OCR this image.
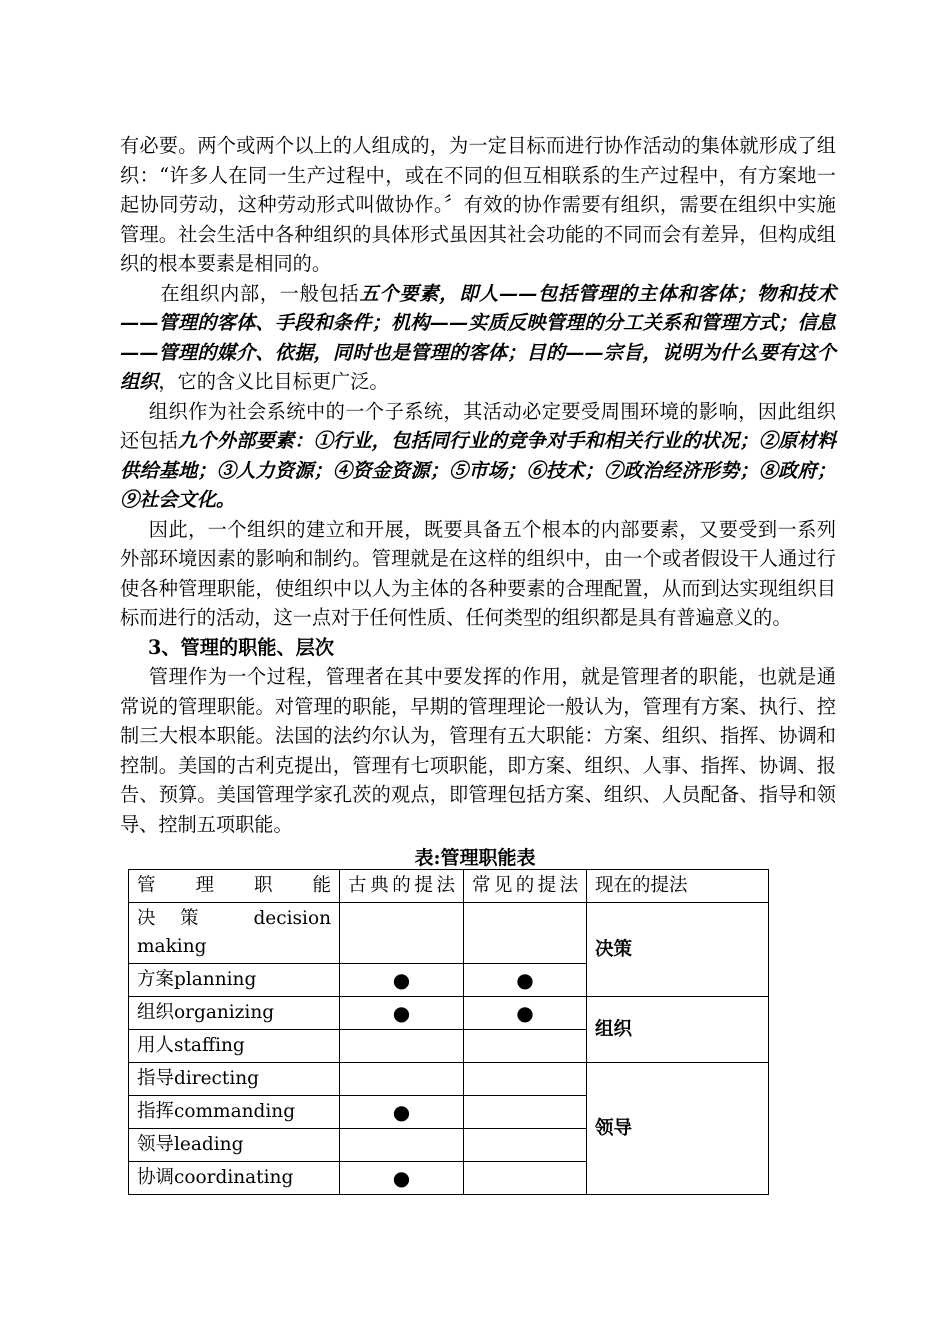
有必要。两个或两个以上的人组成的，为一定目标而进行协作活动的集体就形成了组织：“许多人在同一生产过程中，或在不同的但互相联系的生产过程中，有方案地一起协同劳动，这种劳动形式叫做协作。〞有效的协作需要有组织，需要在组织中实施管理。社会生活中各种组织的具体形式虽因其社会功能的不同而会有差异，但构成组织的根本要素是相同的。

在组织内部，一般包括五个要素，即人——包括管理的主体和客体；物和技术——管理的客体、手段和条件；机构——实质反映管理的分工关系和管理方式；信息——管理的媒介、依据，同时也是管理的客体；目的——宗旨，说明为什么要有这个组织，它的含义比目标更广泛。

组织作为社会系统中的一个子系统，其活动必定要受周围环境的影响，因此组织还包括九个外部要素：①行业，包括同行业的竞争对手和相关行业的状况；②原材料供给基地；③人力资源；④资金资源；⑤市场；⑥技术；⑦政治经济形势；⑧政府；⑨社会文化。

因此，一个组织的建立和开展，既要具备五个根本的内部要素，又要受到一系列外部环境因素的影响和制约。管理就是在这样的组织中，由一个或者假设干人通过行使各种管理职能，使组织中以人为主体的各种要素的合理配置，从而到达实现组织目标而进行的活动，这一点对于任何性质、任何类型的组织都是具有普遍意义的。

3、管理的职能、层次

管理作为一个过程，管理者在其中要发挥的作用，就是管理者的职能，也就是通常说的管理职能。对管理的职能，早期的管理理论一般认为，管理有方案、执行、控制三大根本职能。法国的法约尔认为，管理有五大职能：方案、组织、指挥、协调和控制。美国的古利克提出，管理有七项职能，即方案、组织、人事、指挥、协调、报告、预算。美国管理学家孔茨的观点，即管理包括方案、组织、人员配备、指导和领导、控制五项职能。

表:管理职能表
管理职能	古典的提法	常见的提法	现在的提法
决策 decision making			决策
方案planning	●	●	
组织organizing	●	●	组织
用人staffing			
指导directing			领导
指挥commanding	●		
领导leading			
协调coordinating	●		
